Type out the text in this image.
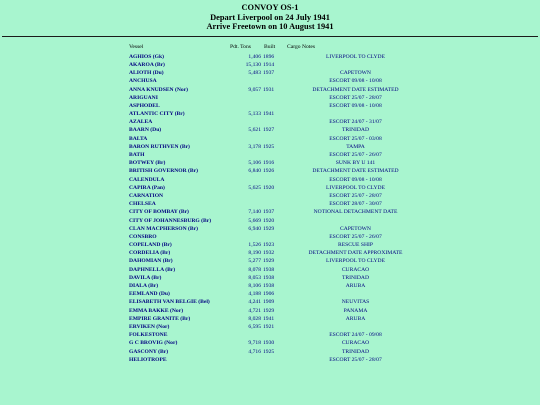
CONVOY OS-1
Depart Liverpool on 24 July 1941
Arrive Freetown on 10 August 1941
Vessel	Pdt. Tons Built Cargo Notes
AGHIOS (Gk)	1,406 1896	LIVERPOOL TO CLYDE
AKAROA (Br)	15,130 1914
ALIOTH (Du)	5,483 1937	CAPETOWN
ANCHUSA	ESCORT 09/08 - 10/08
ANNA KNUDSEN (Nor)	9,057 1931	DETACHMENT DATE ESTIMATED
ARIGUANI	ESCORT 25/07 - 28/07
ASPHODEL	ESCORT 09/08 - 10/08
ATLANTIC CITY (Br)	5,133 1941
AZALEA	ESCORT 24/07 - 31/07
BAARN (Du)	5,621 1927	TRINIDAD
BALTA	ESCORT 25/07 - 03/08
BARON RUTHVEN (Br)	3,178 1925	TAMPA
BATH	ESCORT 25/07 - 26/07
BOTWEY (Br)	5,106 1916	SUNK BY U 141
BRITISH GOVERNOR (Br)	6,840 1926	DETACHMENT DATE ESTIMATED
CALENDULA	ESCORT 09/08 - 10/08
CAPIRA (Pan)	5,625 1920	LIVERPOOL TO CLYDE
CARNATION	ESCORT 25/07 - 28/07
CHELSEA	ESCORT 28/07 - 30/07
CITY OF BOMBAY (Br)	7,140 1937	NOTIONAL DETACHMENT DATE
CITY OF JOHANNESBURG (Br)	5,669 1920
CLAN MACPHERSON (Br)	6,940 1929	CAPETOWN
CONSBRO	ESCORT 25/07 - 26/07
COPELAND (Br)	1,526 1923	RESCUE SHIP
CORDELIA (Br)	8,190 1932	DETACHMENT DATE APPROXIMATE
DAHOMIAN (Br)	5,277 1929	LIVERPOOL TO CLYDE
DAPHNELLA (Br)	8,078 1938	CURACAO
DAVILA (Br)	8,053 1938	TRINIDAD
DIALA (Br)	8,106 1938	ARUBA
EEMLAND (Du)	4,188 1906
ELISABETH VAN BELGIE (Bel)	4,241 1909	NEUVITAS
EMMA BAKKE (Nor)	4,721 1929	PANAMA
EMPIRE GRANITE (Br)	8,028 1941	ARUBA
ERVIKEN (Nor)	6,595 1921
FOLKESTONE	ESCORT 24/07 - 09/08
G C BROVIG (Nor)	9,718 1930	CURACAO
GASCONY (Br)	4,716 1925	TRINIDAD
HELIOTROPE	ESCORT 25/07 - 28/07
